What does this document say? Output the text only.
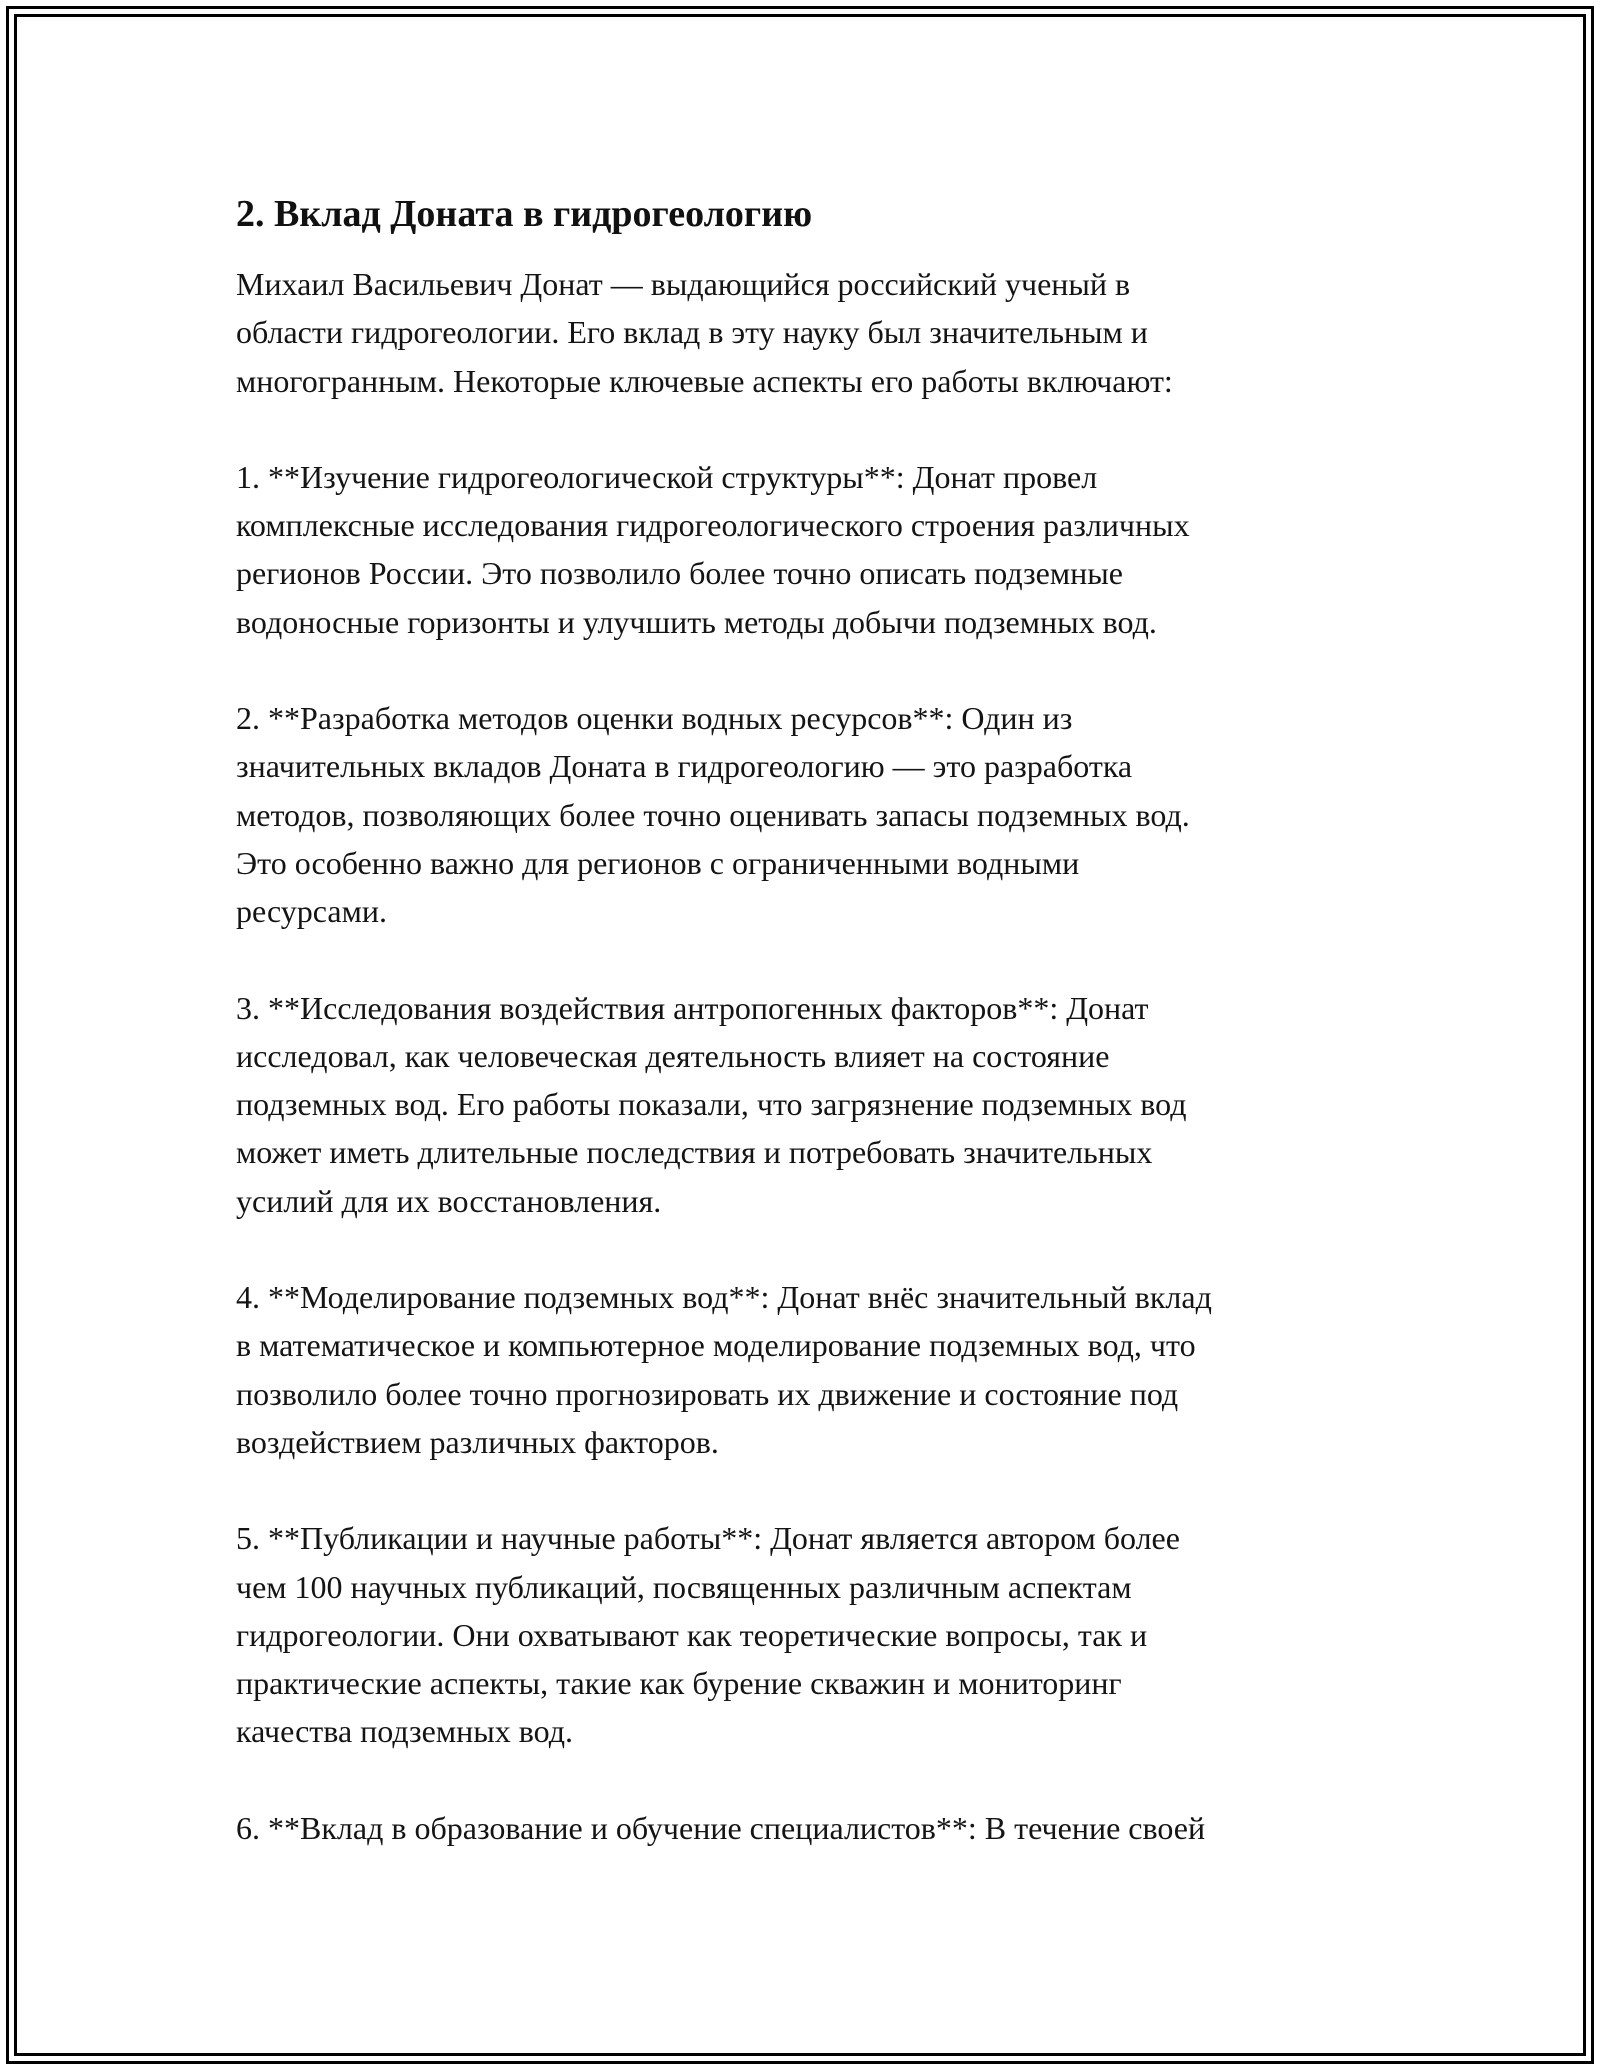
2. Вклад Доната в гидрогеологию
Михаил Васильевич Донат — выдающийся российский ученый в
области гидрогеологии. Его вклад в эту науку был значительным и
многогранным. Некоторые ключевые аспекты его работы включают:
1. **Изучение гидрогеологической структуры**: Донат провел
комплексные исследования гидрогеологического строения различных
регионов России. Это позволило более точно описать подземные
водоносные горизонты и улучшить методы добычи подземных вод.
2. **Разработка методов оценки водных ресурсов**: Один из
значительных вкладов Доната в гидрогеологию — это разработка
методов, позволяющих более точно оценивать запасы подземных вод.
Это особенно важно для регионов с ограниченными водными
ресурсами.
3. **Исследования воздействия антропогенных факторов**: Донат
исследовал, как человеческая деятельность влияет на состояние
подземных вод. Его работы показали, что загрязнение подземных вод
может иметь длительные последствия и потребовать значительных
усилий для их восстановления.
4. **Моделирование подземных вод**: Донат внёс значительный вклад
в математическое и компьютерное моделирование подземных вод, что
позволило более точно прогнозировать их движение и состояние под
воздействием различных факторов.
5. **Публикации и научные работы**: Донат является автором более
чем 100 научных публикаций, посвященных различным аспектам
гидрогеологии. Они охватывают как теоретические вопросы, так и
практические аспекты, такие как бурение скважин и мониторинг
качества подземных вод.
6. **Вклад в образование и обучение специалистов**: В течение своей
